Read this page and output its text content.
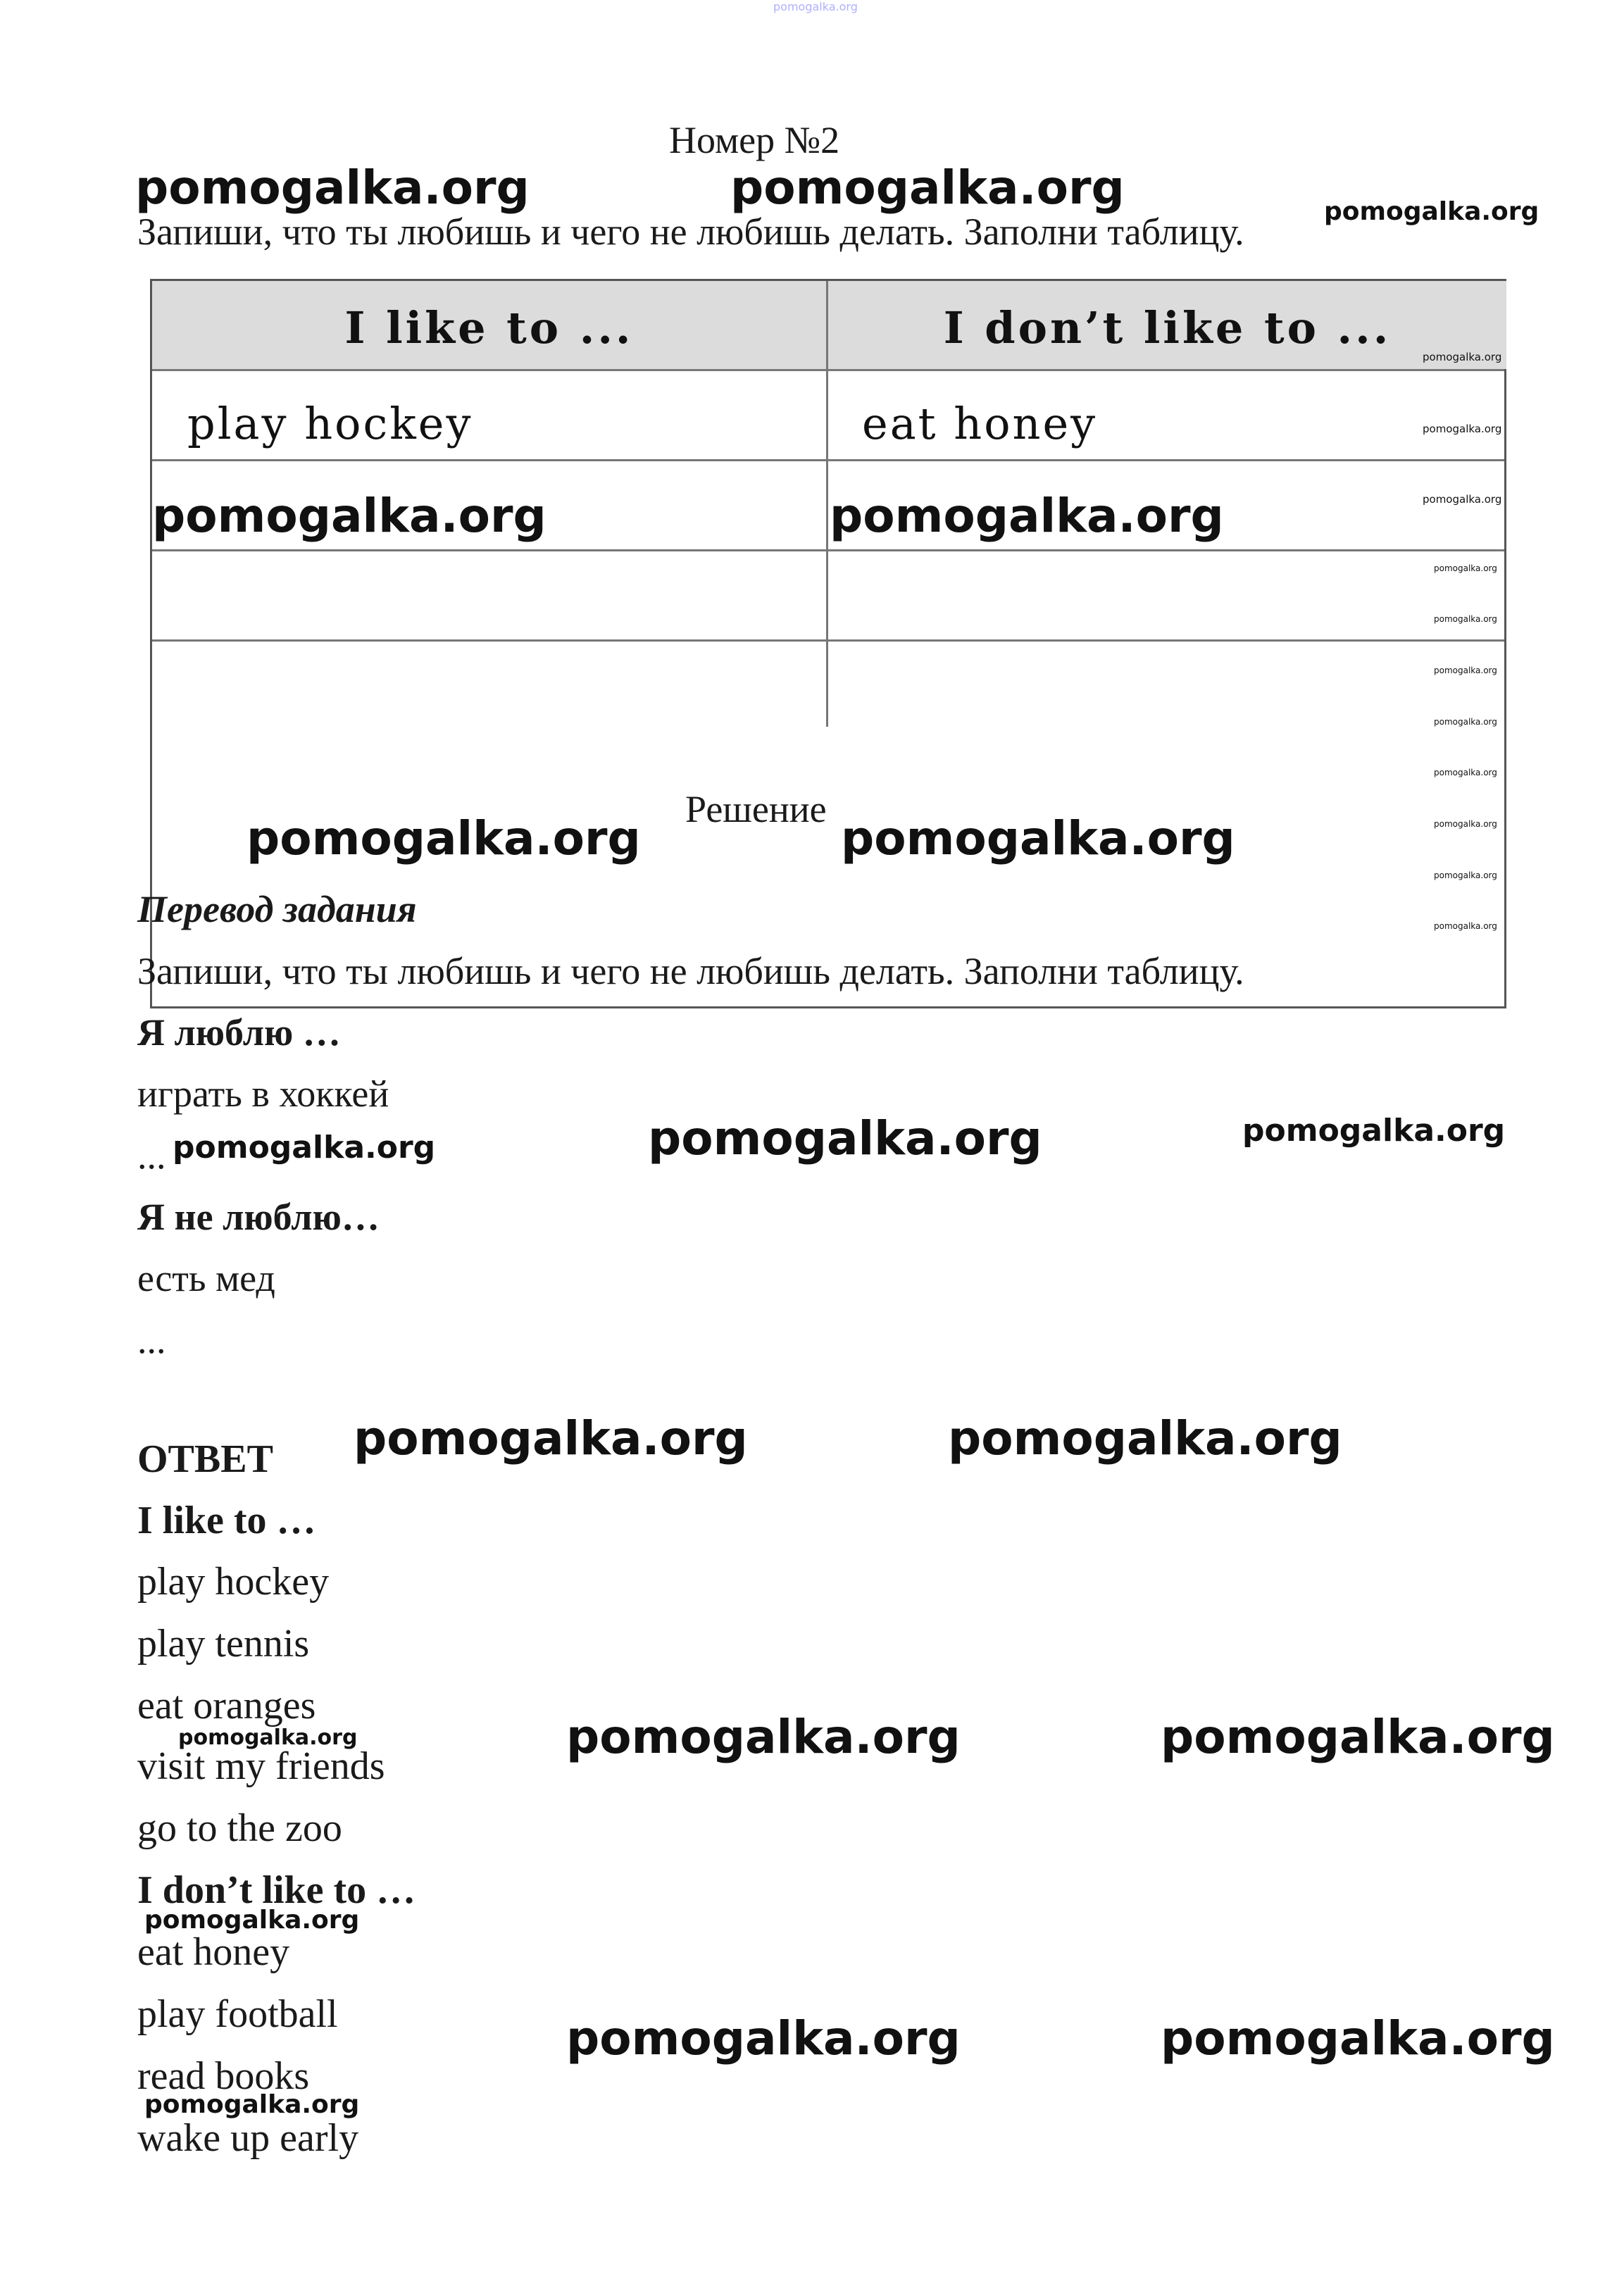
pomogalka.org
Номер №2
Запиши, что ты любишь и чего не любишь делать. Заполни таблицу.
pomogalka.org	pomogalka.org	pomogalka.org
I like to ...	I don’t like to ...
play hockey	eat honey
pomogalka.org	pomogalka.org
pomogalka.org
pomogalka.org
pomogalka.org
pomogalka.org
pomogalka.org
pomogalka.org
pomogalka.org
pomogalka.org
pomogalka.org
pomogalka.org
pomogalka.org
Решение
pomogalka.org	pomogalka.org
Перевод задания
Запиши, что ты любишь и чего не любишь делать. Заполни таблицу.
Я люблю …
играть в хоккей
... pomogalka.org	pomogalka.org	pomogalka.org
Я не люблю…
есть мед
...
ОТВЕТ pomogalka.org	pomogalka.org
I like to …
play hockey
play tennis
eat oranges
pomogalka.org
visit my friends
go to the zoo
pomogalka.org	pomogalka.org
I don’t like to …
pomogalka.org
eat honey
play football
read books
pomogalka.org
wake up early
pomogalka.org	pomogalka.org
